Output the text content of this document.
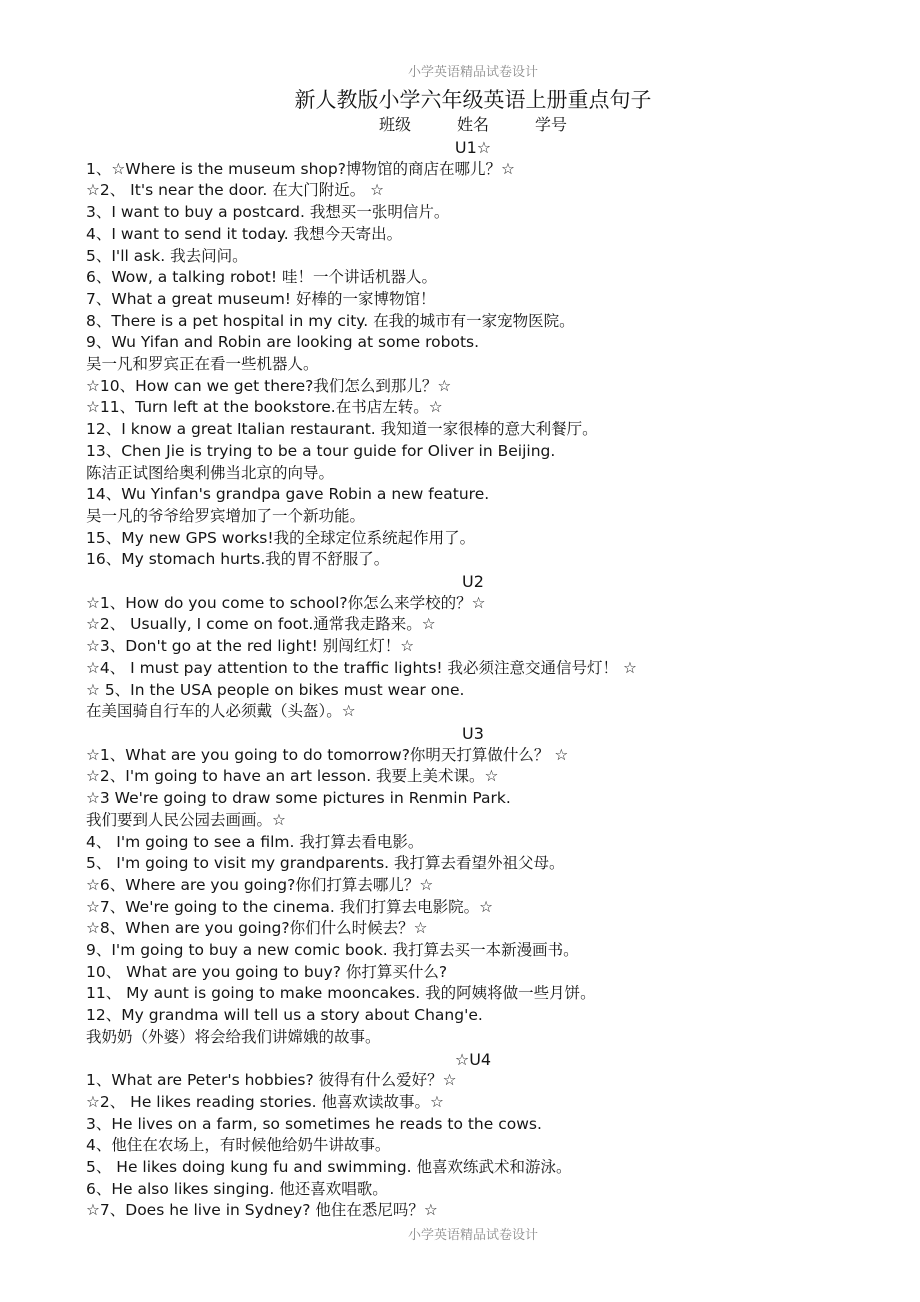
小学英语精品试卷设计
新人教版小学六年级英语上册重点句子
班级	姓名	学号
U1☆
1、☆Where is the museum shop?博物馆的商店在哪儿？☆
☆2、 It's near the door. 在大门附近。 ☆
3、I want to buy a postcard. 我想买一张明信片。
4、I want to send it today. 我想今天寄出。
5、I'll ask. 我去问问。
6、Wow, a talking robot! 哇！一个讲话机器人。
7、What a great museum! 好棒的一家博物馆！
8、There is a pet hospital in my city. 在我的城市有一家宠物医院。
9、Wu Yifan and Robin are looking at some robots.
吴一凡和罗宾正在看一些机器人。
☆10、How can we get there?我们怎么到那儿？☆
☆11、Turn left at the bookstore.在书店左转。☆
12、I know a great Italian restaurant. 我知道一家很棒的意大利餐厅。
13、Chen Jie is trying to be a tour guide for Oliver in Beijing.
陈洁正试图给奥利佛当北京的向导。
14、Wu Yinfan's grandpa gave Robin a new feature.
吴一凡的爷爷给罗宾增加了一个新功能。
15、My new GPS works!我的全球定位系统起作用了。
16、My stomach hurts.我的胃不舒服了。
U2
☆1、How do you come to school?你怎么来学校的？☆
☆2、 Usually, I come on foot.通常我走路来。☆
☆3、Don't go at the red light! 别闯红灯！☆
☆4、 I must pay attention to the traffic lights! 我必须注意交通信号灯！ ☆
☆ 5、In the USA people on bikes must wear one.
在美国骑自行车的人必须戴（头盔）。☆
U3
☆1、What are you going to do tomorrow?你明天打算做什么？ ☆
☆2、I'm going to have an art lesson. 我要上美术课。☆
☆3 We're going to draw some pictures in Renmin Park.
我们要到人民公园去画画。☆
4、 I'm going to see a film. 我打算去看电影。
5、 I'm going to visit my grandparents. 我打算去看望外祖父母。
☆6、Where are you going?你们打算去哪儿？☆
☆7、We're going to the cinema. 我们打算去电影院。☆
☆8、When are you going?你们什么时候去？☆
9、I'm going to buy a new comic book. 我打算去买一本新漫画书。
10、 What are you going to buy? 你打算买什么?
11、 My aunt is going to make mooncakes. 我的阿姨将做一些月饼。
12、My grandma will tell us a story about Chang'e.
我奶奶（外婆）将会给我们讲嫦娥的故事。
☆U4
1、What are Peter's hobbies? 彼得有什么爱好？☆
☆2、 He likes reading stories. 他喜欢读故事。☆
3、He lives on a farm, so sometimes he reads to the cows.
4、他住在农场上，有时候他给奶牛讲故事。
5、 He likes doing kung fu and swimming. 他喜欢练武术和游泳。
6、He also likes singing. 他还喜欢唱歌。
☆7、Does he live in Sydney? 他住在悉尼吗？☆
小学英语精品试卷设计
